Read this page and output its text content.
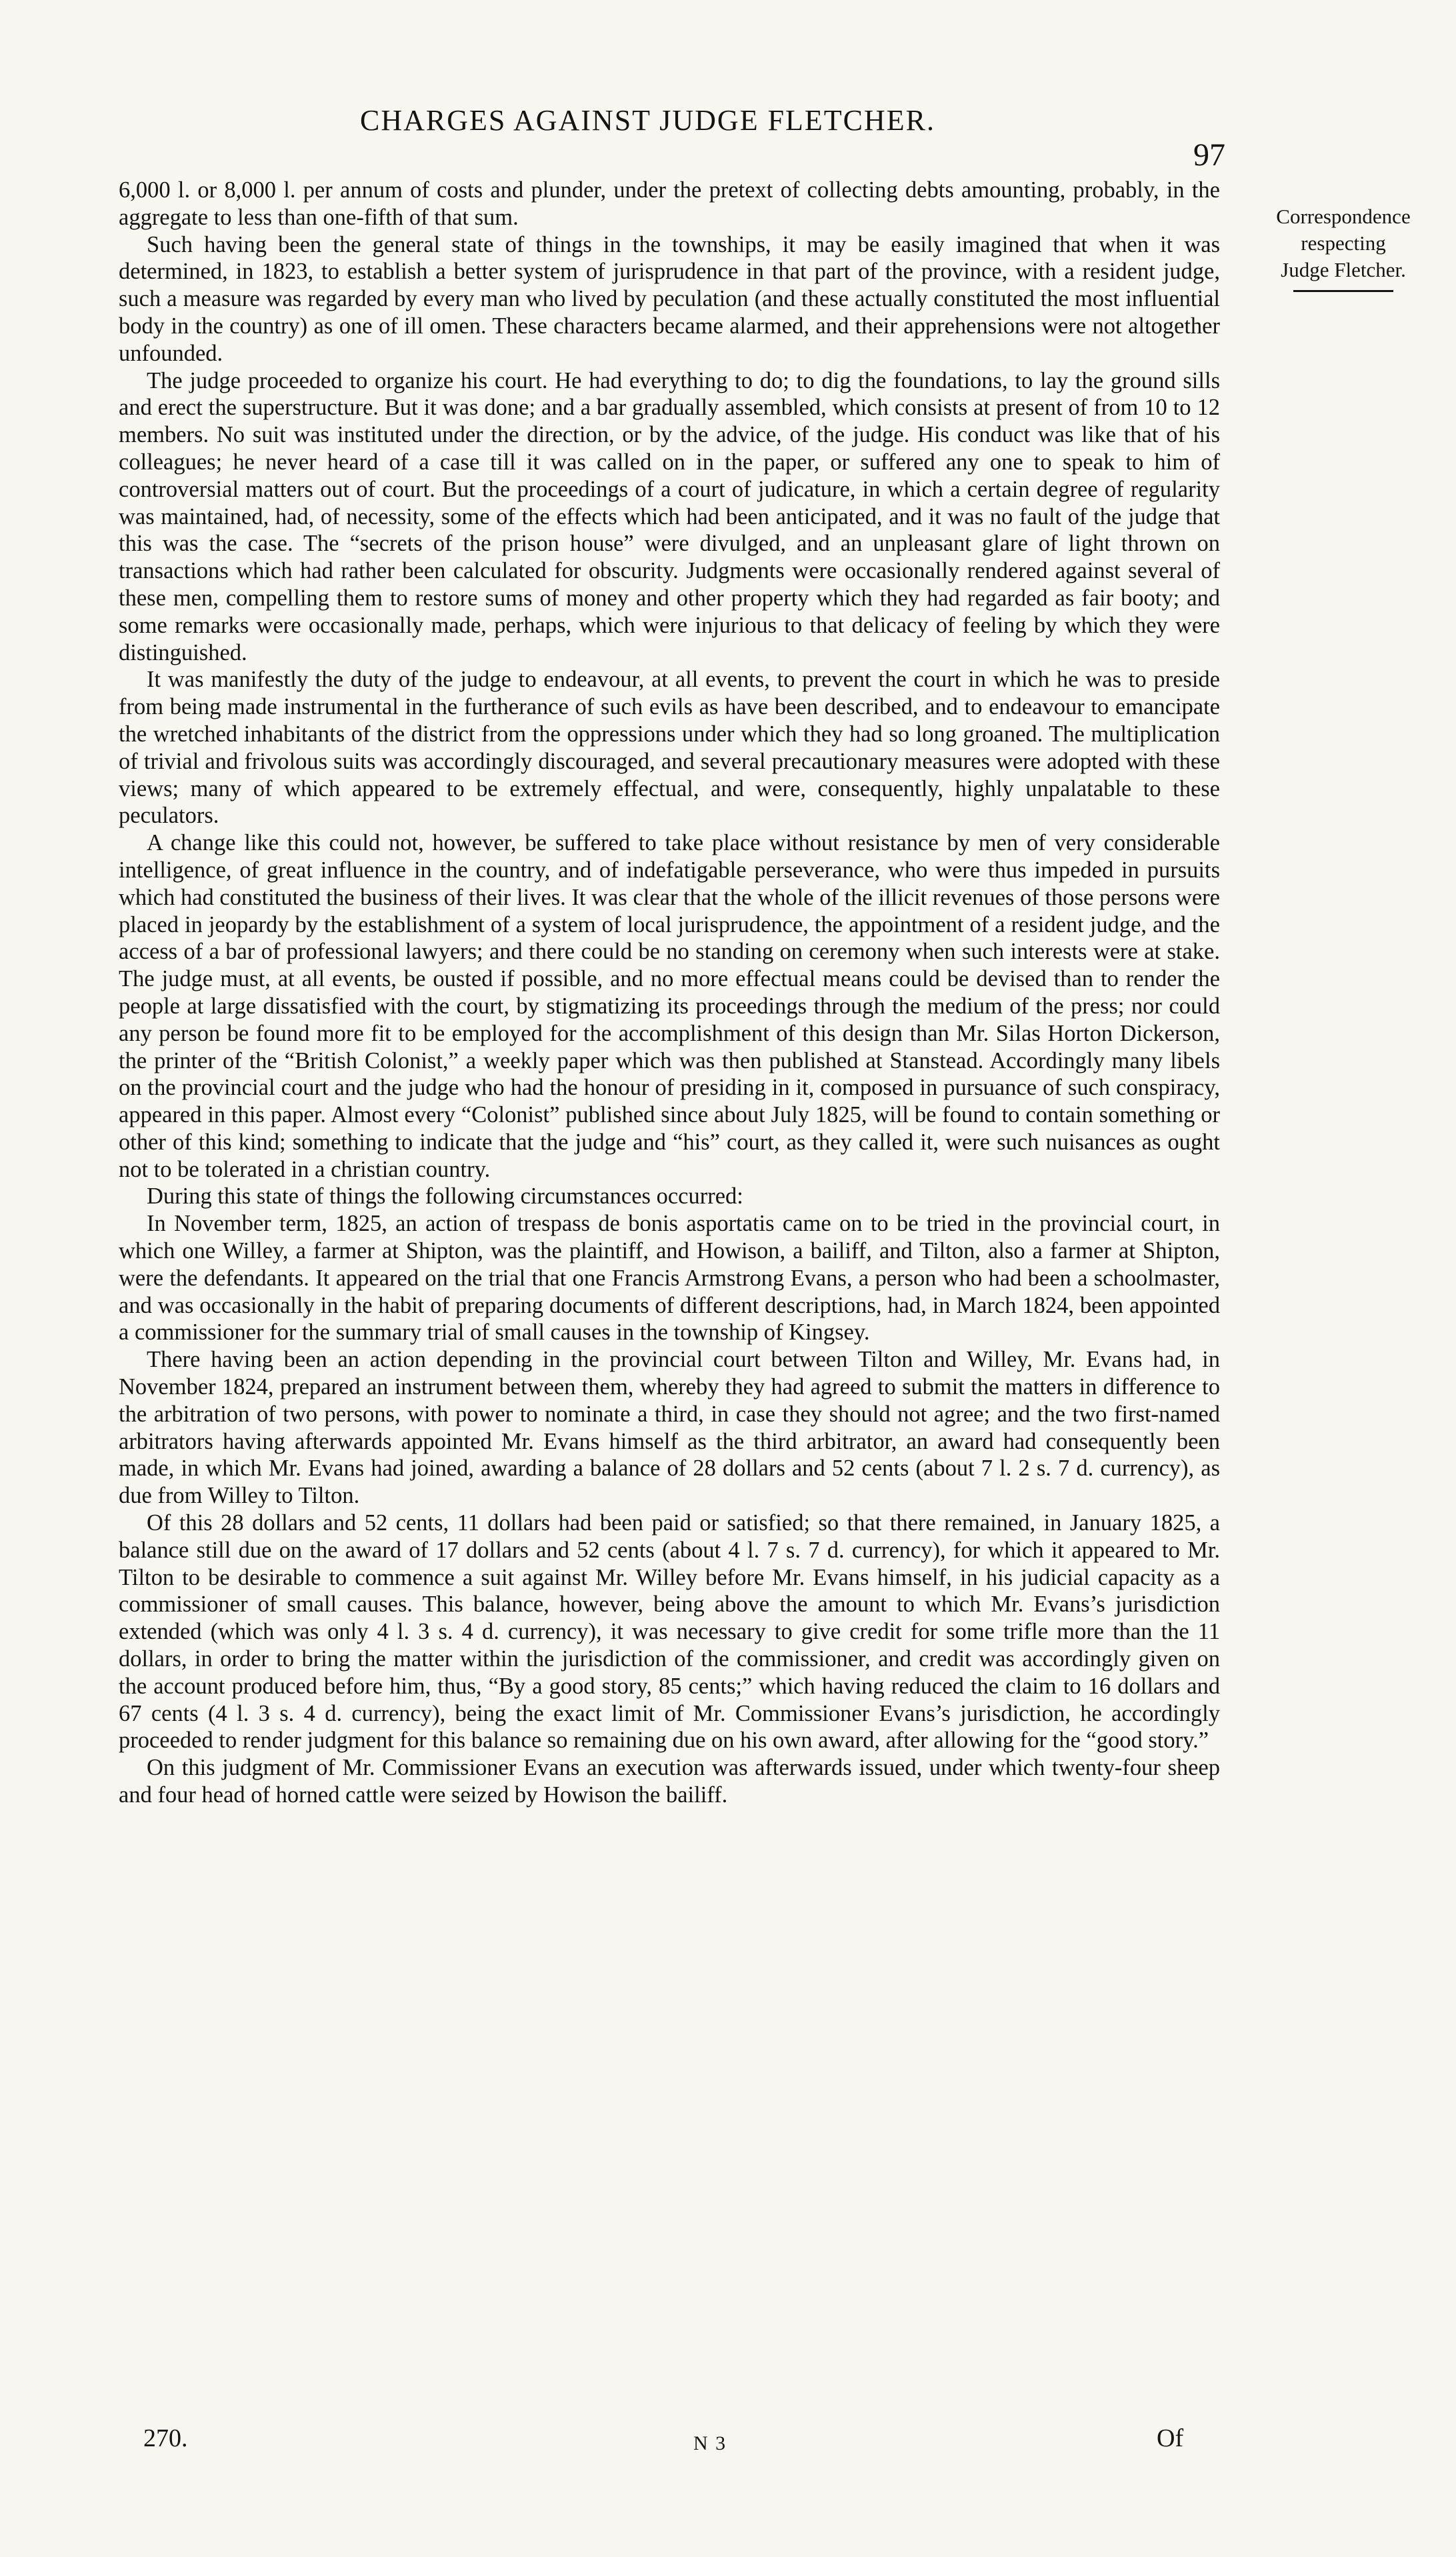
CHARGES AGAINST JUDGE FLETCHER.
97
Correspondence
respecting
Judge Fletcher.

6,000 l. or 8,000 l. per annum of costs and plunder, under the pretext of collecting debts amounting, probably, in the aggregate to less than one-fifth of that sum.

Such having been the general state of things in the townships, it may be easily imagined that when it was determined, in 1823, to establish a better system of jurisprudence in that part of the province, with a resident judge, such a measure was regarded by every man who lived by peculation (and these actually constituted the most influential body in the country) as one of ill omen. These characters became alarmed, and their apprehensions were not altogether unfounded.

The judge proceeded to organize his court. He had everything to do; to dig the foundations, to lay the ground sills and erect the superstructure. But it was done; and a bar gradually assembled, which consists at present of from 10 to 12 members. No suit was instituted under the direction, or by the advice, of the judge. His conduct was like that of his colleagues; he never heard of a case till it was called on in the paper, or suffered any one to speak to him of controversial matters out of court. But the proceedings of a court of judicature, in which a certain degree of regularity was maintained, had, of necessity, some of the effects which had been anticipated, and it was no fault of the judge that this was the case. The “secrets of the prison house” were divulged, and an unpleasant glare of light thrown on transactions which had rather been calculated for obscurity. Judgments were occasionally rendered against several of these men, compelling them to restore sums of money and other property which they had regarded as fair booty; and some remarks were occasionally made, perhaps, which were injurious to that delicacy of feeling by which they were distinguished.

It was manifestly the duty of the judge to endeavour, at all events, to prevent the court in which he was to preside from being made instrumental in the furtherance of such evils as have been described, and to endeavour to emancipate the wretched inhabitants of the district from the oppressions under which they had so long groaned. The multiplication of trivial and frivolous suits was accordingly discouraged, and several precautionary measures were adopted with these views; many of which appeared to be extremely effectual, and were, consequently, highly unpalatable to these peculators.

A change like this could not, however, be suffered to take place without resistance by men of very considerable intelligence, of great influence in the country, and of indefatigable perseverance, who were thus impeded in pursuits which had constituted the business of their lives. It was clear that the whole of the illicit revenues of those persons were placed in jeopardy by the establishment of a system of local jurisprudence, the appointment of a resident judge, and the access of a bar of professional lawyers; and there could be no standing on ceremony when such interests were at stake. The judge must, at all events, be ousted if possible, and no more effectual means could be devised than to render the people at large dissatisfied with the court, by stigmatizing its proceedings through the medium of the press; nor could any person be found more fit to be employed for the accomplishment of this design than Mr. Silas Horton Dickerson, the printer of the “British Colonist,” a weekly paper which was then published at Stanstead. Accordingly many libels on the provincial court and the judge who had the honour of presiding in it, composed in pursuance of such conspiracy, appeared in this paper. Almost every “Colonist” published since about July 1825, will be found to contain something or other of this kind; something to indicate that the judge and “his” court, as they called it, were such nuisances as ought not to be tolerated in a christian country.

During this state of things the following circumstances occurred:

In November term, 1825, an action of trespass de bonis asportatis came on to be tried in the provincial court, in which one Willey, a farmer at Shipton, was the plaintiff, and Howison, a bailiff, and Tilton, also a farmer at Shipton, were the defendants. It appeared on the trial that one Francis Armstrong Evans, a person who had been a schoolmaster, and was occasionally in the habit of preparing documents of different descriptions, had, in March 1824, been appointed a commissioner for the summary trial of small causes in the township of Kingsey.

There having been an action depending in the provincial court between Tilton and Willey, Mr. Evans had, in November 1824, prepared an instrument between them, whereby they had agreed to submit the matters in difference to the arbitration of two persons, with power to nominate a third, in case they should not agree; and the two first-named arbitrators having afterwards appointed Mr. Evans himself as the third arbitrator, an award had consequently been made, in which Mr. Evans had joined, awarding a balance of 28 dollars and 52 cents (about 7 l. 2 s. 7 d. currency), as due from Willey to Tilton.

Of this 28 dollars and 52 cents, 11 dollars had been paid or satisfied; so that there remained, in January 1825, a balance still due on the award of 17 dollars and 52 cents (about 4 l. 7 s. 7 d. currency), for which it appeared to Mr. Tilton to be desirable to commence a suit against Mr. Willey before Mr. Evans himself, in his judicial capacity as a commissioner of small causes. This balance, however, being above the amount to which Mr. Evans’s jurisdiction extended (which was only 4 l. 3 s. 4 d. currency), it was necessary to give credit for some trifle more than the 11 dollars, in order to bring the matter within the jurisdiction of the commissioner, and credit was accordingly given on the account produced before him, thus, “By a good story, 85 cents;” which having reduced the claim to 16 dollars and 67 cents (4 l. 3 s. 4 d. currency), being the exact limit of Mr. Commissioner Evans’s jurisdiction, he accordingly proceeded to render judgment for this balance so remaining due on his own award, after allowing for the “good story.”

On this judgment of Mr. Commissioner Evans an execution was afterwards issued, under which twenty-four sheep and four head of horned cattle were seized by Howison the bailiff.

270.	N 3	Of
